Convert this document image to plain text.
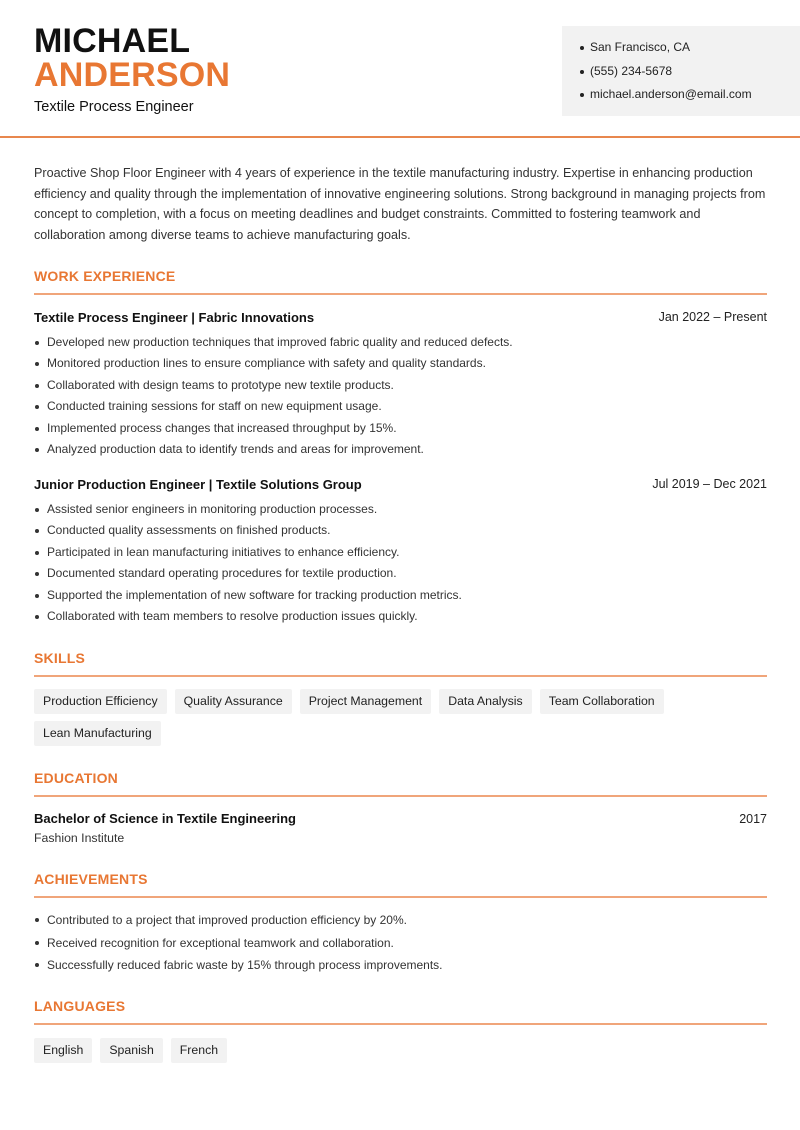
MICHAEL
ANDERSON
Textile Process Engineer
San Francisco, CA
(555) 234-5678
michael.anderson@email.com

Proactive Shop Floor Engineer with 4 years of experience in the textile manufacturing industry. Expertise in enhancing production efficiency and quality through the implementation of innovative engineering solutions. Strong background in managing projects from concept to completion, with a focus on meeting deadlines and budget constraints. Committed to fostering teamwork and collaboration among diverse teams to achieve manufacturing goals.

WORK EXPERIENCE
Textile Process Engineer | Fabric Innovations	Jan 2022 – Present
Developed new production techniques that improved fabric quality and reduced defects.
Monitored production lines to ensure compliance with safety and quality standards.
Collaborated with design teams to prototype new textile products.
Conducted training sessions for staff on new equipment usage.
Implemented process changes that increased throughput by 15%.
Analyzed production data to identify trends and areas for improvement.
Junior Production Engineer | Textile Solutions Group	Jul 2019 – Dec 2021
Assisted senior engineers in monitoring production processes.
Conducted quality assessments on finished products.
Participated in lean manufacturing initiatives to enhance efficiency.
Documented standard operating procedures for textile production.
Supported the implementation of new software for tracking production metrics.
Collaborated with team members to resolve production issues quickly.
SKILLS
Production Efficiency	Quality Assurance	Project Management	Data Analysis	Team Collaboration
Lean Manufacturing
EDUCATION
Bachelor of Science in Textile Engineering	2017
Fashion Institute
ACHIEVEMENTS
Contributed to a project that improved production efficiency by 20%.
Received recognition for exceptional teamwork and collaboration.
Successfully reduced fabric waste by 15% through process improvements.
LANGUAGES
English	Spanish	French
